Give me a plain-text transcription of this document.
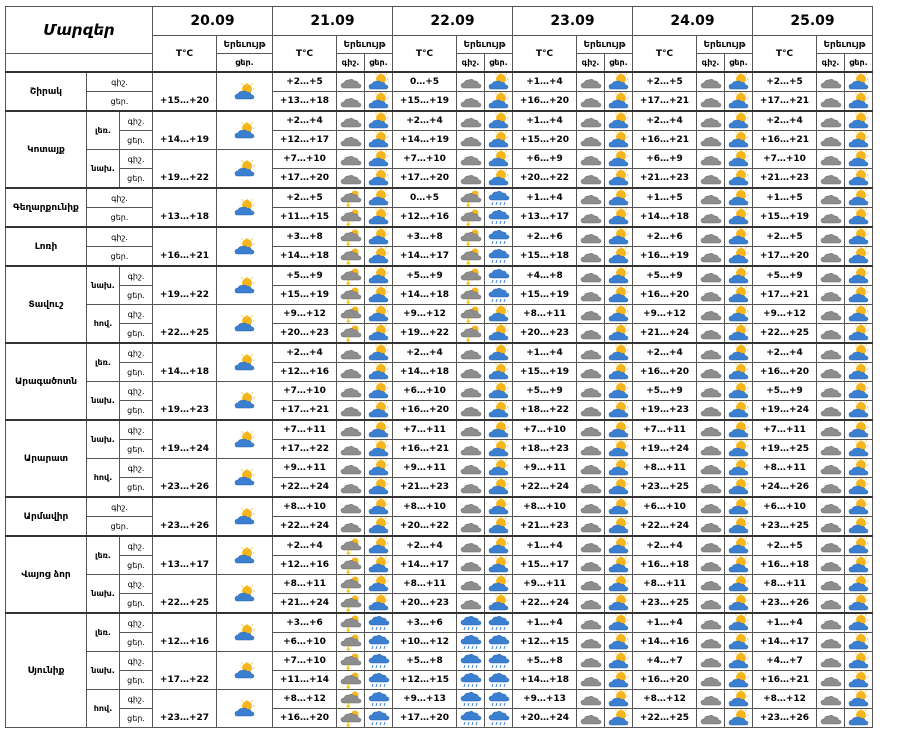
Մարզեր			20.09		21.09			22.09			23.09			24.09			25.09		
			T°C	Երեւույթ	T°C	Երեւույթ		T°C	Երեւույթ		T°C	Երեւույթ		T°C	Երեւույթ		T°C	Երեւույթ	
				ցեր.		գիշ.	ցեր.		գիշ.	ցեր.		գիշ.	ցեր.		գիշ.	ցեր.		գիշ.	ցեր.
Շիրակ	գիշ.		+15…+20		+2…+5			0…+5			+1…+4			+2…+5			+2…+5		
	ցեր.				+13…+18			+15…+19			+16…+20			+17…+21			+17…+21		
Կոտայք	լեռ.	գիշ.	+14…+19		+2…+4			+2…+4			+1…+4			+2…+4			+2…+4		
		ցեր.			+12…+17			+14…+19			+15…+20			+16…+21			+16…+21		
	նախ.	գիշ.	+19…+22		+7…+10			+7…+10			+6…+9			+6…+9			+7…+10		
		ցեր.			+17…+20			+17…+20			+20…+22			+21…+23			+21…+23		
Գեղարքունիք	գիշ.		+13…+18		+2…+5			0…+5			+1…+4			+1…+5			+1…+5		
	ցեր.				+11…+15			+12…+16			+13…+17			+14…+18			+15…+19		
Լոռի	գիշ.		+16…+21		+3…+8			+3…+8			+2…+6			+2…+6			+2…+5		
	ցեր.				+14…+18			+14…+17			+15…+18			+16…+19			+17…+20		
Տավուշ	նախ.	գիշ.	+19…+22		+5…+9			+5…+9			+4…+8			+5…+9			+5…+9		
		ցեր.			+15…+19			+14…+18			+15…+19			+16…+20			+17…+21		
	հով.	գիշ.	+22…+25		+9…+12			+9…+12			+8…+11			+9…+12			+9…+12		
		ցեր.			+20…+23			+19…+22			+20…+23			+21…+24			+22…+25		
Արագածոտն	լեռ.	գիշ.	+14…+18		+2…+4			+2…+4			+1…+4			+2…+4			+2…+4		
		ցեր.			+12…+16			+14…+18			+15…+19			+16…+20			+16…+20		
	նախ.	գիշ.	+19…+23		+7…+10			+6…+10			+5…+9			+5…+9			+5…+9		
		ցեր.			+17…+21			+16…+20			+18…+22			+19…+23			+19…+24		
Արարատ	նախ.	գիշ.	+19…+24		+7…+11			+7…+11			+7…+10			+7…+11			+7…+11		
		ցեր.			+17…+22			+16…+21			+18…+23			+19…+24			+19…+25		
	հով.	գիշ.	+23…+26		+9…+11			+9…+11			+9…+11			+8…+11			+8…+11		
		ցեր.			+22…+24			+21…+23			+22…+24			+23…+25			+24…+26		
Արմավիր	գիշ.		+23…+26		+8…+10			+8…+10			+8…+10			+6…+10			+6…+10		
	ցեր.				+22…+24			+20…+22			+21…+23			+22…+24			+23…+25		
Վայոց ձոր	լեռ.	գիշ.	+13…+17		+2…+4			+2…+4			+1…+4			+2…+4			+2…+5		
		ցեր.			+12…+16			+14…+17			+15…+17			+16…+18			+16…+18		
	նախ.	գիշ.	+22…+25		+8…+11			+8…+11			+9…+11			+8…+11			+8…+11		
		ցեր.			+21…+24			+20…+23			+22…+24			+23…+25			+23…+26		
Սյունիք	լեռ.	գիշ.	+12…+16		+3…+6			+3…+6			+1…+4			+1…+4			+1…+4		
		ցեր.			+6…+10			+10…+12			+12…+15			+14…+16			+14…+17		
	նախ.	գիշ.	+17…+22		+7…+10			+5…+8			+5…+8			+4…+7			+4…+7		
		ցեր.			+11…+14			+12…+15			+14…+18			+16…+20			+16…+21		
	հով.	գիշ.	+23…+27		+8…+12			+9…+13			+9…+13			+8…+12			+8…+12		
		ցեր.			+16…+20			+17…+20			+20…+24			+22…+25			+23…+26		
